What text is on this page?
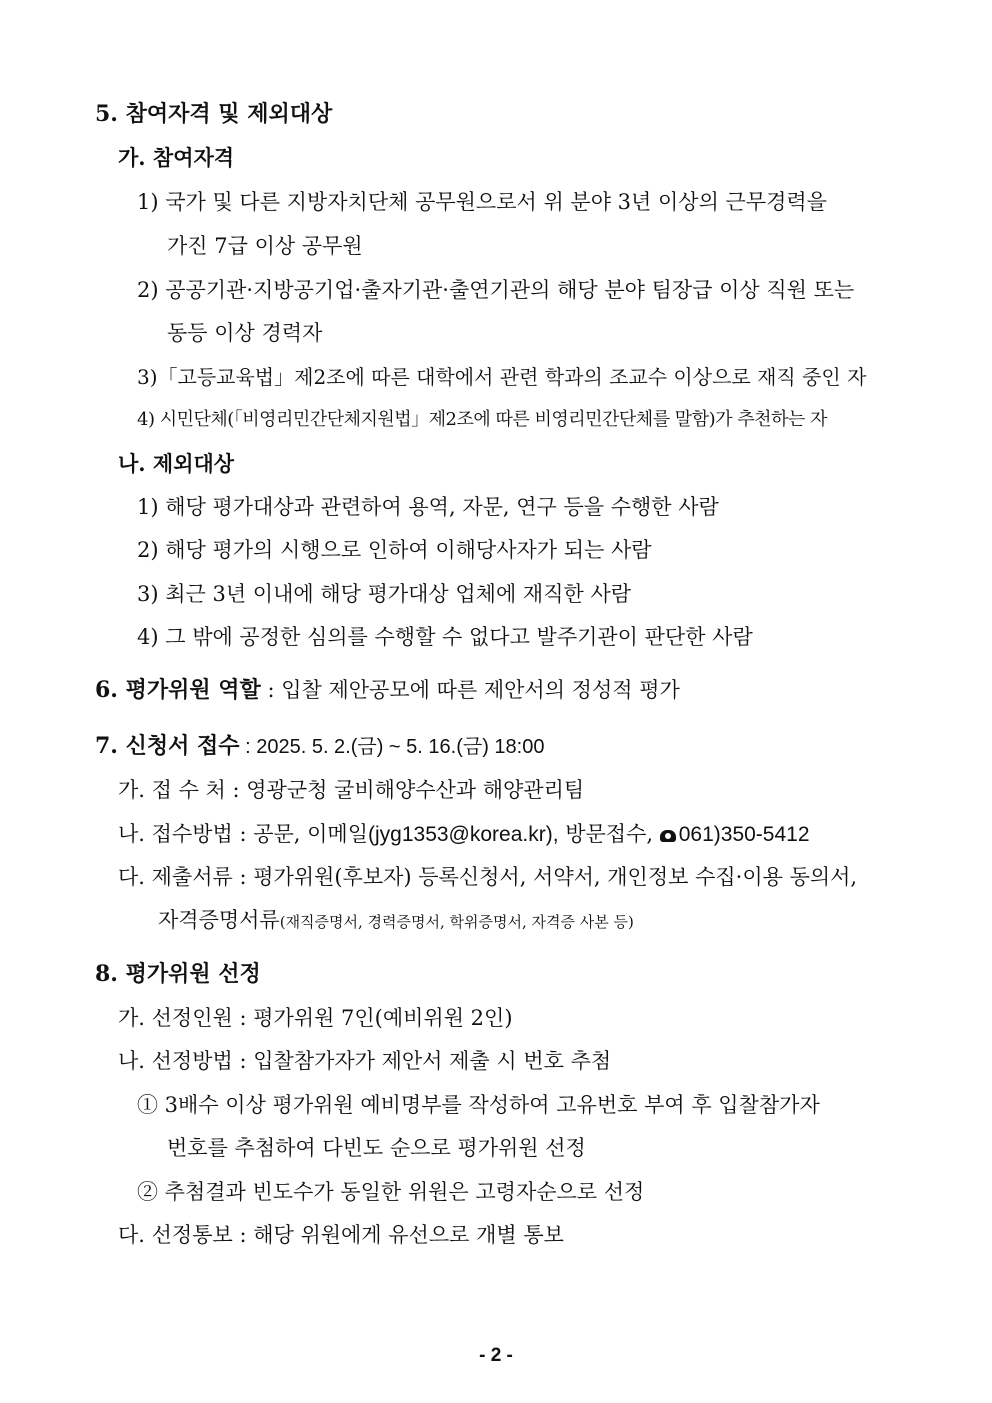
5. 참여자격 및 제외대상
가. 참여자격
1) 국가 및 다른 지방자치단체 공무원으로서 위 분야 3년 이상의 근무경력을
가진 7급 이상 공무원
2) 공공기관·지방공기업·출자기관·출연기관의 해당 분야 팀장급 이상 직원 또는
동등 이상 경력자
3)「고등교육법」제2조에 따른 대학에서 관련 학과의 조교수 이상으로 재직 중인 자
4) 시민단체(「비영리민간단체지원법」제2조에 따른 비영리민간단체를 말함)가 추천하는 자
나. 제외대상
1) 해당 평가대상과 관련하여 용역, 자문, 연구 등을 수행한 사람
2) 해당 평가의 시행으로 인하여 이해당사자가 되는 사람
3) 최근 3년 이내에 해당 평가대상 업체에 재직한 사람
4) 그 밖에 공정한 심의를 수행할 수 없다고 발주기관이 판단한 사람
6. 평가위원 역할 : 입찰 제안공모에 따른 제안서의 정성적 평가
7. 신청서 접수 : 2025. 5. 2.(금) ~ 5. 16.(금) 18:00
가. 접 수 처 : 영광군청 굴비해양수산과 해양관리팀
나. 접수방법 : 공문, 이메일(jyg1353@korea.kr), 방문접수, 061)350-5412
다. 제출서류 : 평가위원(후보자) 등록신청서, 서약서, 개인정보 수집·이용 동의서,
자격증명서류(재직증명서, 경력증명서, 학위증명서, 자격증 사본 등)
8. 평가위원 선정
가. 선정인원 : 평가위원 7인(예비위원 2인)
나. 선정방법 : 입찰참가자가 제안서 제출 시 번호 추첨
① 3배수 이상 평가위원 예비명부를 작성하여 고유번호 부여 후 입찰참가자
번호를 추첨하여 다빈도 순으로 평가위원 선정
② 추첨결과 빈도수가 동일한 위원은 고령자순으로 선정
다. 선정통보 : 해당 위원에게 유선으로 개별 통보
- 2 -
